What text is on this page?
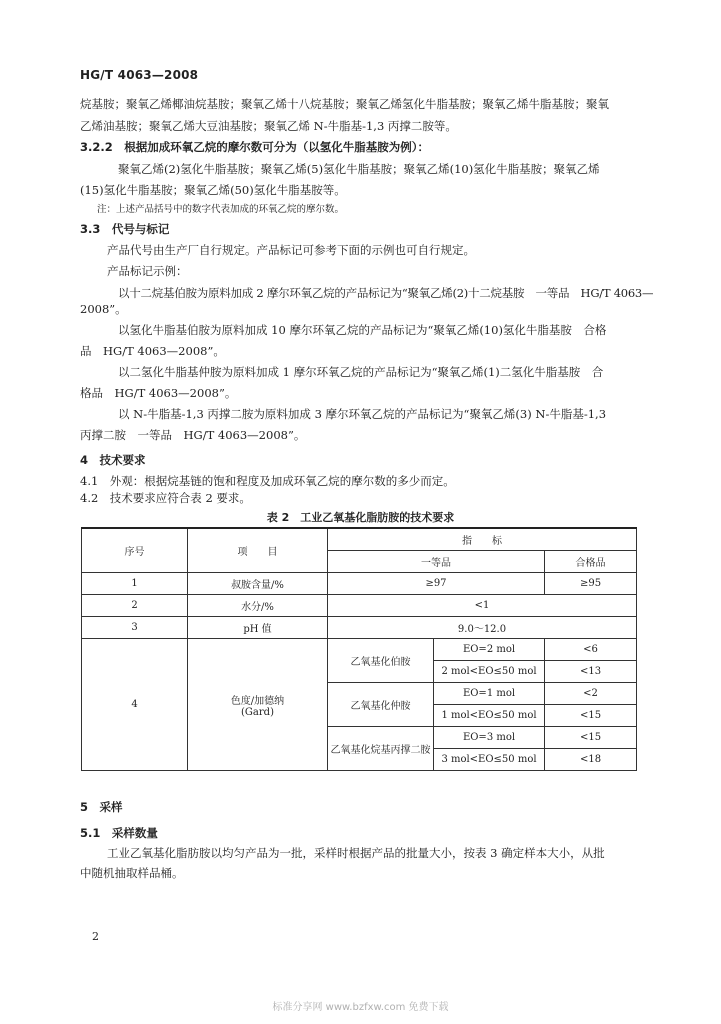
HG/T 4063—2008
烷基胺；聚氧乙烯椰油烷基胺；聚氧乙烯十八烷基胺；聚氧乙烯氢化牛脂基胺；聚氧乙烯牛脂基胺；聚氧
乙烯油基胺；聚氧乙烯大豆油基胺；聚氧乙烯 N-牛脂基-1,3 丙撑二胺等。
3.2.2　根据加成环氧乙烷的摩尔数可分为（以氢化牛脂基胺为例）：
聚氧乙烯(2)氢化牛脂基胺；聚氧乙烯(5)氢化牛脂基胺；聚氧乙烯(10)氢化牛脂基胺；聚氧乙烯
(15)氢化牛脂基胺；聚氧乙烯(50)氢化牛脂基胺等。
注：上述产品括号中的数字代表加成的环氧乙烷的摩尔数。
3.3　代号与标记
产品代号由生产厂自行规定。产品标记可参考下面的示例也可自行规定。
产品标记示例：
以十二烷基伯胺为原料加成 2 摩尔环氧乙烷的产品标记为“聚氧乙烯(2)十二烷基胺　一等品　HG/T 4063—
2008”。
以氢化牛脂基伯胺为原料加成 10 摩尔环氧乙烷的产品标记为“聚氧乙烯(10)氢化牛脂基胺　合格
品　HG/T 4063—2008”。
以二氢化牛脂基仲胺为原料加成 1 摩尔环氧乙烷的产品标记为“聚氧乙烯(1)二氢化牛脂基胺　合
格品　HG/T 4063—2008”。
以 N-牛脂基-1,3 丙撑二胺为原料加成 3 摩尔环氧乙烷的产品标记为“聚氧乙烯(3) N-牛脂基-1,3
丙撑二胺　一等品　HG/T 4063—2008”。
4　技术要求
4.1　外观：根据烷基链的饱和程度及加成环氧乙烷的摩尔数的多少而定。
4.2　技术要求应符合表 2 要求。
表 2　工业乙氧基化脂肪胺的技术要求
序号	项　　目	指　　标		
		一等品		合格品
1	叔胺含量/%	≥97		≥95
2	水分/%	<1		
3	pH 值	9.0～12.0		
4	色度/加德纳
(Gard)	乙氧基化伯胺	EO=2 mol	<6
			2 mol<EO≤50 mol	<13
		乙氧基化仲胺	EO=1 mol	<2
			1 mol<EO≤50 mol	<15
		乙氧基化烷基丙撑二胺	EO=3 mol	<15
			3 mol<EO≤50 mol	<18
5　采样
5.1　采样数量
工业乙氧基化脂肪胺以均匀产品为一批，采样时根据产品的批量大小，按表 3 确定样本大小，从批
中随机抽取样品桶。
2
标准分享网 www.bzfxw.com 免费下载
